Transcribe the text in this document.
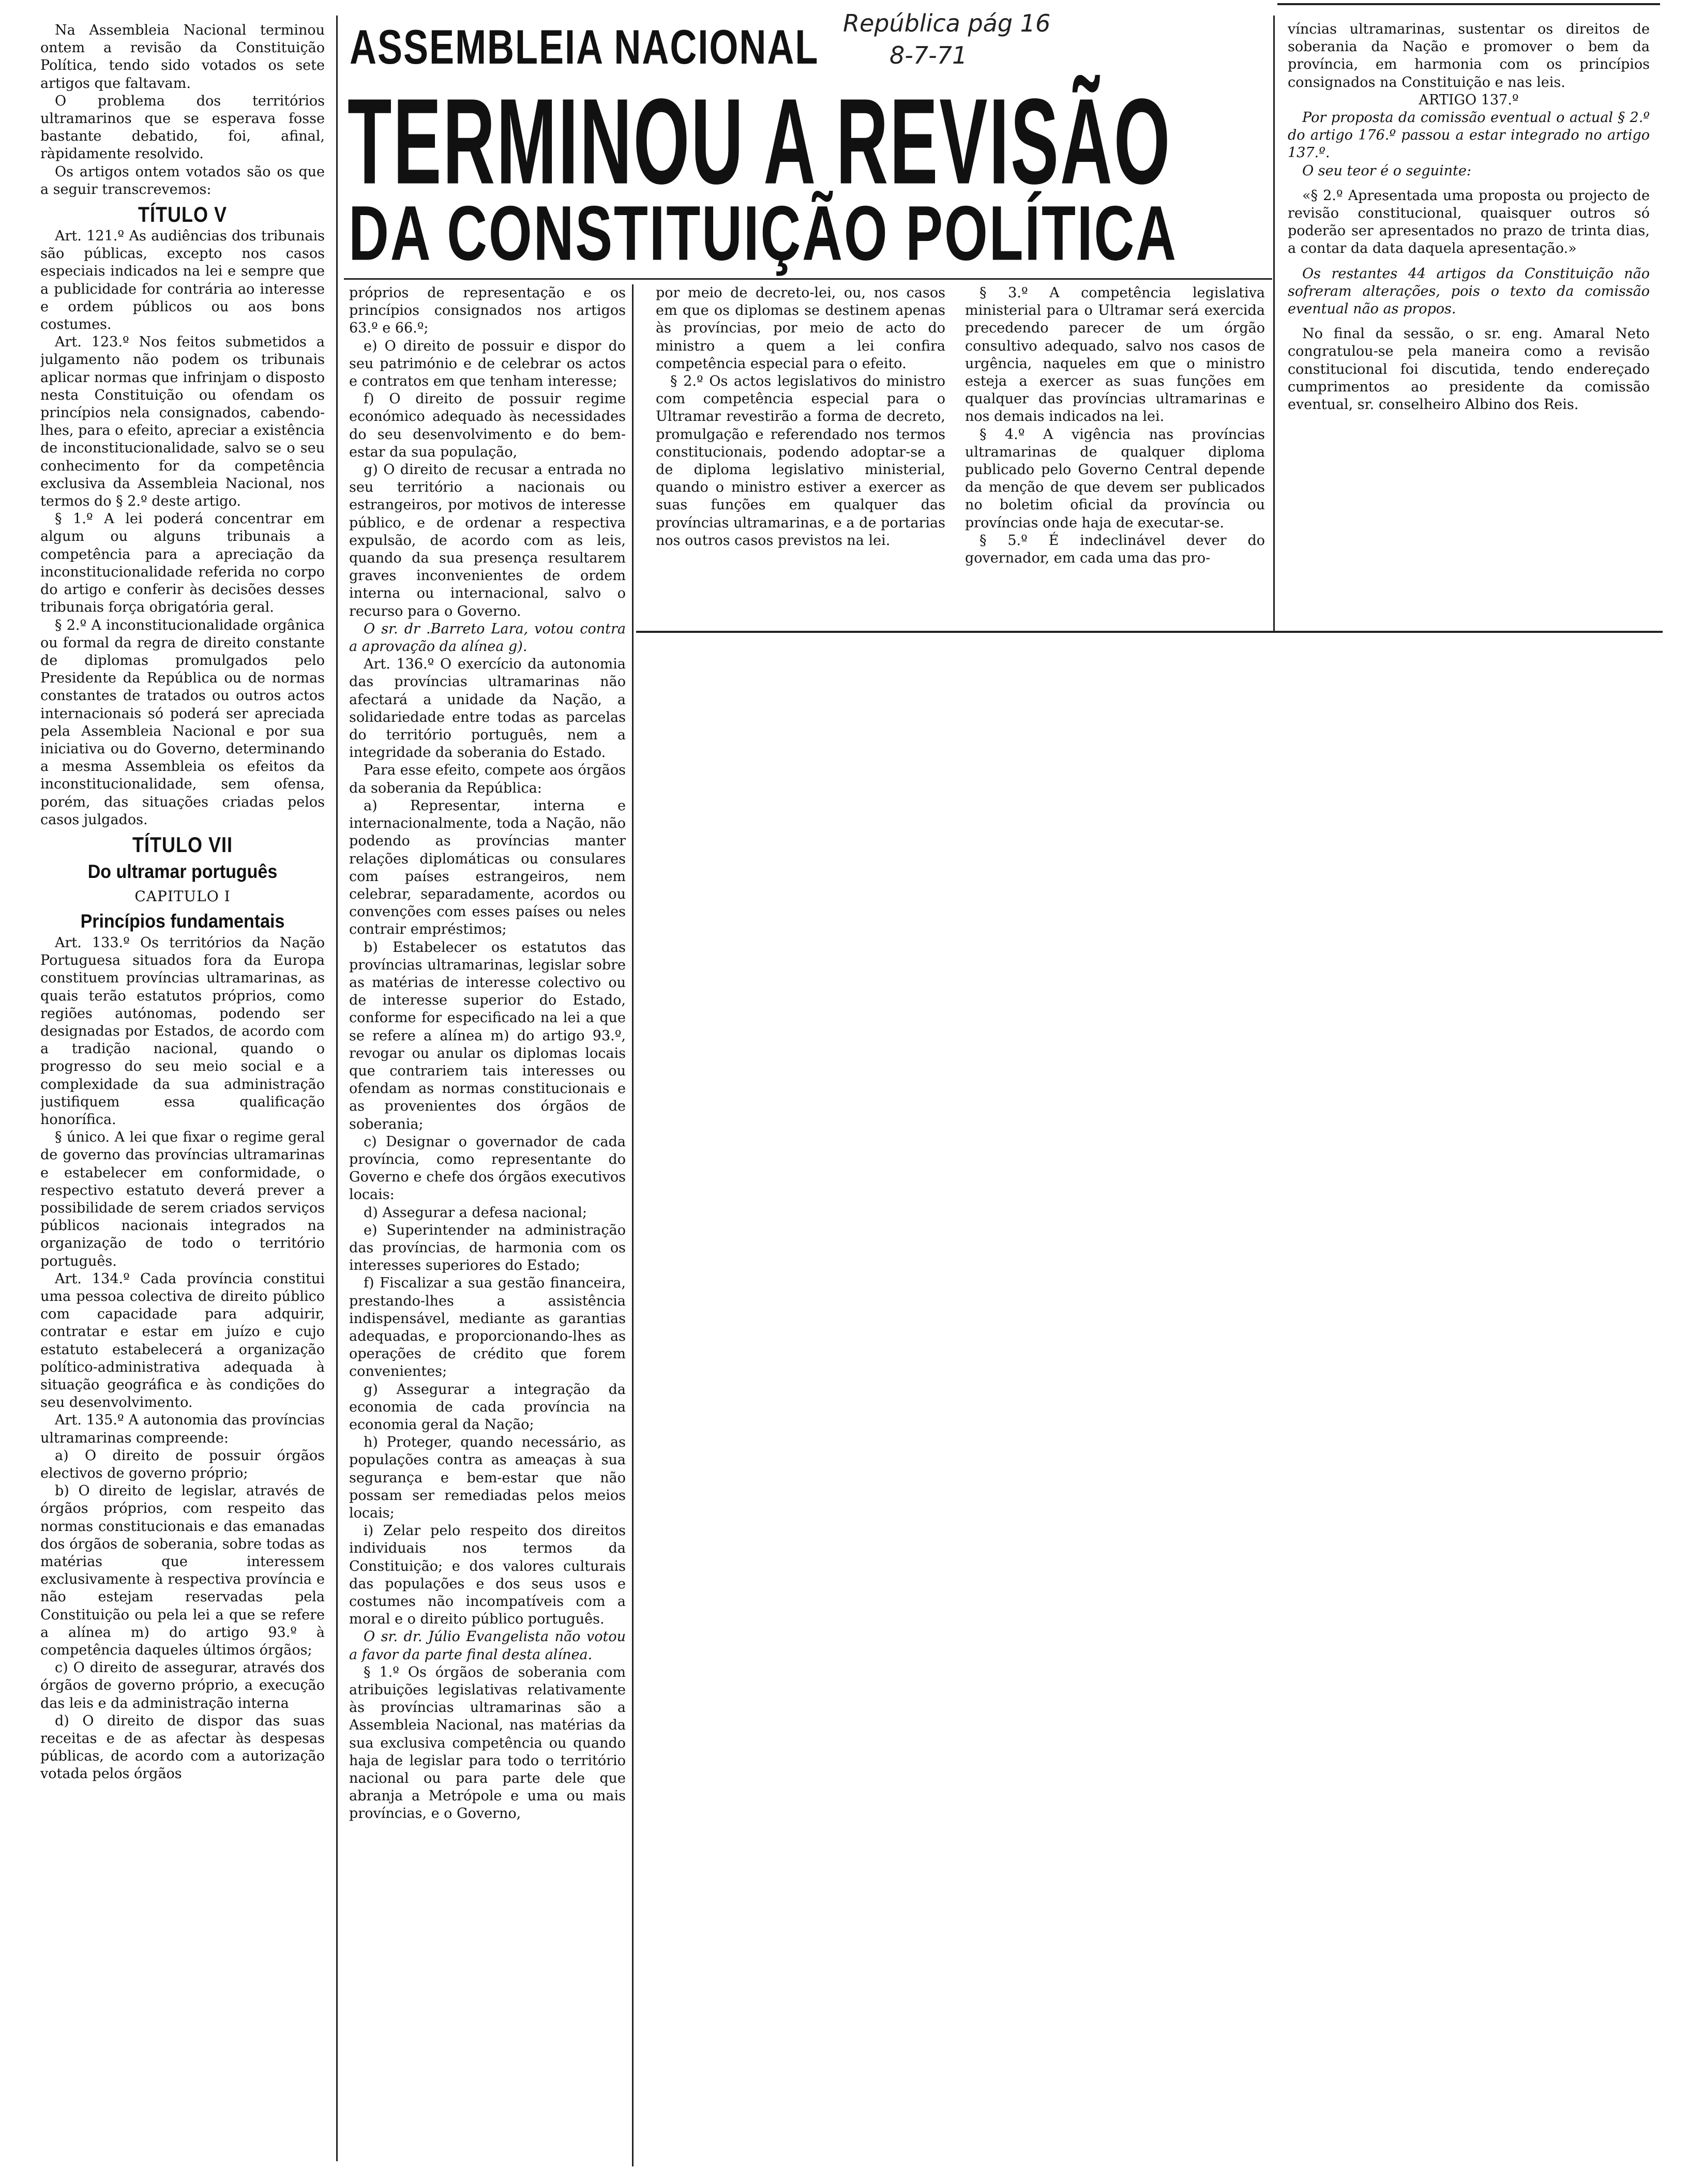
ASSEMBLEIA NACIONAL
TERMINOU A REVISÃO
DA CONSTITUIÇÃO POLÍTICA
República pág 16
8-7-71

Na Assembleia Nacional terminou ontem a revisão da Constituição Política, tendo sido votados os sete artigos que faltavam.

O problema dos territórios ultramarinos que se esperava fosse bastante debatido, foi, afinal, ràpidamente resolvido.

Os artigos ontem votados são os que a seguir transcrevemos:

TÍTULO V

Art. 121.º As audiências dos tribunais são públicas, excepto nos casos especiais indicados na lei e sempre que a publicidade for contrária ao interesse e ordem públicos ou aos bons costumes.

Art. 123.º Nos feitos submetidos a julgamento não podem os tribunais aplicar normas que infrinjam o disposto nesta Constituição ou ofendam os princípios nela consignados, cabendo-lhes, para o efeito, apreciar a existência de inconstitucionalidade, salvo se o seu conhecimento for da competência exclusiva da Assembleia Nacional, nos termos do § 2.º deste artigo.

§ 1.º A lei poderá concentrar em algum ou alguns tribunais a competência para a apreciação da inconstitucionalidade referida no corpo do artigo e conferir às decisões desses tribunais força obrigatória geral.

§ 2.º A inconstitucionalidade orgânica ou formal da regra de direito constante de diplomas promulgados pelo Presidente da República ou de normas constantes de tratados ou outros actos internacionais só poderá ser apreciada pela Assembleia Nacional e por sua iniciativa ou do Governo, determinando a mesma Assembleia os efeitos da inconstitucionalidade, sem ofensa, porém, das situações criadas pelos casos julgados.

TÍTULO VII
Do ultramar português
CAPITULO I
Princípios fundamentais

Art. 133.º Os territórios da Nação Portuguesa situados fora da Europa constituem províncias ultramarinas, as quais terão estatutos próprios, como regiões autónomas, podendo ser designadas por Estados, de acordo com a tradição nacional, quando o progresso do seu meio social e a complexidade da sua administração justifiquem essa qualificação honorífica.

§ único. A lei que fixar o regime geral de governo das províncias ultramarinas e estabelecer em conformidade, o respectivo estatuto deverá prever a possibilidade de serem criados serviços públicos nacionais integrados na organização de todo o território português.

Art. 134.º Cada província constitui uma pessoa colectiva de direito público com capacidade para adquirir, contratar e estar em juízo e cujo estatuto estabelecerá a organização político-administrativa adequada à situação geográfica e às condições do seu desenvolvimento.

Art. 135.º A autonomia das províncias ultramarinas compreende:

a) O direito de possuir órgãos electivos de governo próprio;

b) O direito de legislar, através de órgãos próprios, com respeito das normas constitucionais e das emanadas dos órgãos de soberania, sobre todas as matérias que interessem exclusivamente à respectiva província e não estejam reservadas pela Constituição ou pela lei a que se refere a alínea m) do artigo 93.º à competência daqueles últimos órgãos;

c) O direito de assegurar, através dos órgãos de governo próprio, a execução das leis e da administração interna

d) O direito de dispor das suas receitas e de as afectar às despesas públicas, de acordo com a autorização votada pelos órgãos

próprios de representação e os princípios consignados nos artigos 63.º e 66.º;

e) O direito de possuir e dispor do seu património e de celebrar os actos e contratos em que tenham interesse;

f) O direito de possuir regime económico adequado às necessidades do seu desenvolvimento e do bem-estar da sua população,

g) O direito de recusar a entrada no seu território a nacionais ou estrangeiros, por motivos de interesse público, e de ordenar a respectiva expulsão, de acordo com as leis, quando da sua presença resultarem graves inconvenientes de ordem interna ou internacional, salvo o recurso para o Governo.

O sr. dr .Barreto Lara, votou contra a aprovação da alínea g).

Art. 136.º O exercício da autonomia das províncias ultramarinas não afectará a unidade da Nação, a solidariedade entre todas as parcelas do território português, nem a integridade da soberania do Estado.

Para esse efeito, compete aos órgãos da soberania da República:

a) Representar, interna e internacionalmente, toda a Nação, não podendo as províncias manter relações diplomáticas ou consulares com países estrangeiros, nem celebrar, separadamente, acordos ou convenções com esses países ou neles contrair empréstimos;

b) Estabelecer os estatutos das províncias ultramarinas, legislar sobre as matérias de interesse colectivo ou de interesse superior do Estado, conforme for especificado na lei a que se refere a alínea m) do artigo 93.º, revogar ou anular os diplomas locais que contrariem tais interesses ou ofendam as normas constitucionais e as provenientes dos órgãos de soberania;

c) Designar o governador de cada província, como representante do Governo e chefe dos órgãos executivos locais:

d) Assegurar a defesa nacional;

e) Superintender na administração das províncias, de harmonia com os interesses superiores do Estado;

f) Fiscalizar a sua gestão financeira, prestando-lhes a assistência indispensável, mediante as garantias adequadas, e proporcionando-lhes as operações de crédito que forem convenientes;

g) Assegurar a integração da economia de cada província na economia geral da Nação;

h) Proteger, quando necessário, as populações contra as ameaças à sua segurança e bem-estar que não possam ser remediadas pelos meios locais;

i) Zelar pelo respeito dos direitos individuais nos termos da Constituição; e dos valores culturais das populações e dos seus usos e costumes não incompatíveis com a moral e o direito público português.

O sr. dr. Júlio Evangelista não votou a favor da parte final desta alínea.

§ 1.º Os órgãos de soberania com atribuições legislativas relativamente às províncias ultramarinas são a Assembleia Nacional, nas matérias da sua exclusiva competência ou quando haja de legislar para todo o território nacional ou para parte dele que abranja a Metrópole e uma ou mais províncias, e o Governo,

por meio de decreto-lei, ou, nos casos em que os diplomas se destinem apenas às províncias, por meio de acto do ministro a quem a lei confira competência especial para o efeito.

§ 2.º Os actos legislativos do ministro com competência especial para o Ultramar revestirão a forma de decreto, promulgação e referendado nos termos constitucionais, podendo adoptar-se a de diploma legislativo ministerial, quando o ministro estiver a exercer as suas funções em qualquer das províncias ultramarinas, e a de portarias nos outros casos previstos na lei.

§ 3.º A competência legislativa ministerial para o Ultramar será exercida precedendo parecer de um órgão consultivo adequado, salvo nos casos de urgência, naqueles em que o ministro esteja a exercer as suas funções em qualquer das províncias ultramarinas e nos demais indicados na lei.

§ 4.º A vigência nas províncias ultramarinas de qualquer diploma publicado pelo Governo Central depende da menção de que devem ser publicados no boletim oficial da província ou províncias onde haja de executar-se.

§ 5.º É indeclinável dever do governador, em cada uma das pro-

víncias ultramarinas, sustentar os direitos de soberania da Nação e promover o bem da província, em harmonia com os princípios consignados na Constituição e nas leis.

ARTIGO 137.º

Por proposta da comissão eventual o actual § 2.º do artigo 176.º passou a estar integrado no artigo 137.º.

O seu teor é o seguinte:

«§ 2.º Apresentada uma proposta ou projecto de revisão constitucional, quaisquer outros só poderão ser apresentados no prazo de trinta dias, a contar da data daquela apresentação.»

Os restantes 44 artigos da Constituição não sofreram alterações, pois o texto da comissão eventual não as propos.

No final da sessão, o sr. eng. Amaral Neto congratulou-se pela maneira como a revisão constitucional foi discutida, tendo endereçado cumprimentos ao presidente da comissão eventual, sr. conselheiro Albino dos Reis.
